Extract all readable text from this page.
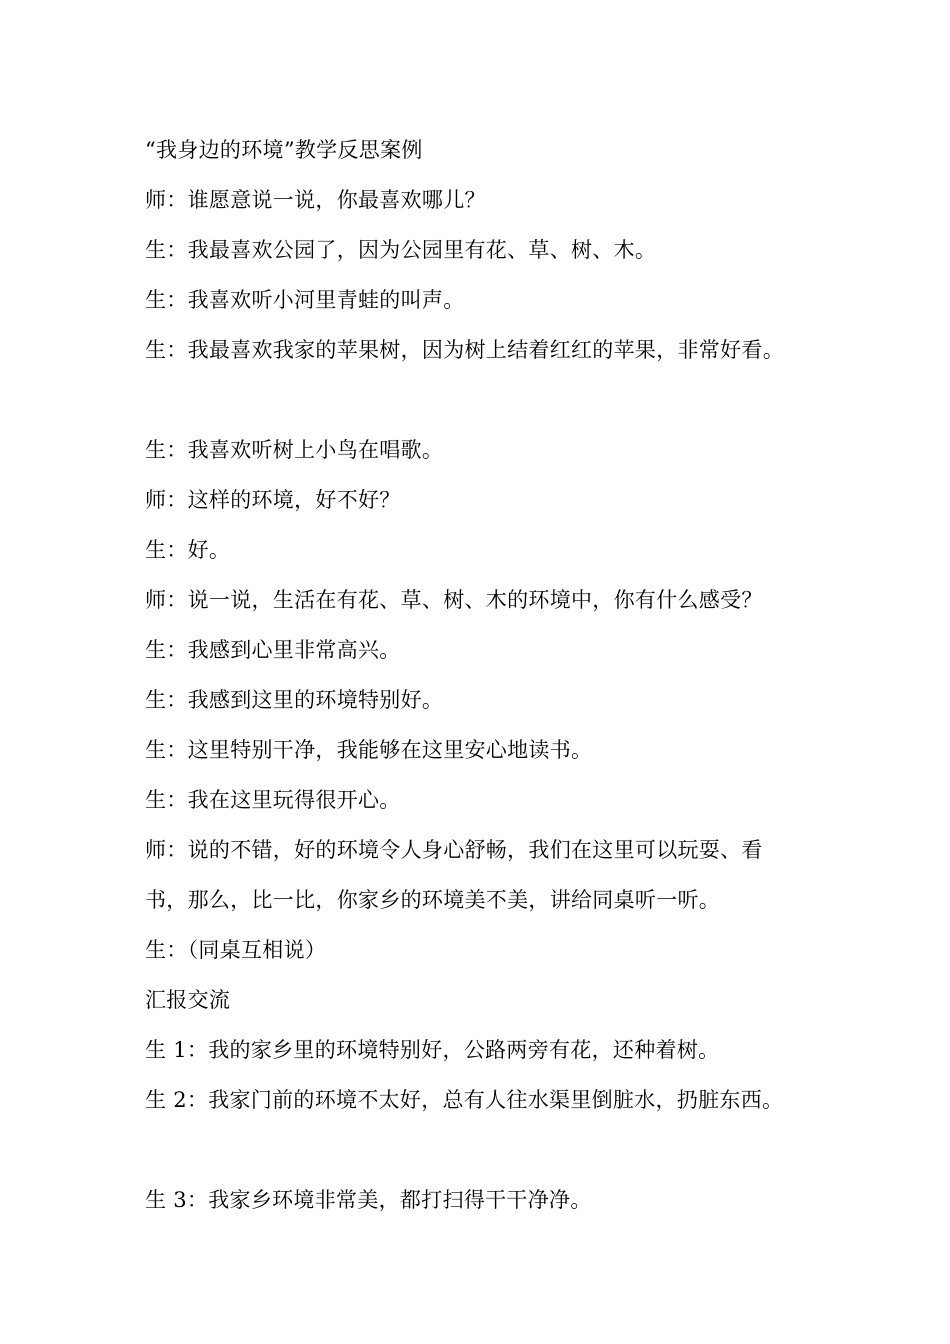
“我身边的环境”教学反思案例
师：谁愿意说一说，你最喜欢哪儿？
生：我最喜欢公园了，因为公园里有花、草、树、木。
生：我喜欢听小河里青蛙的叫声。
生：我最喜欢我家的苹果树，因为树上结着红红的苹果，非常好看。
生：我喜欢听树上小鸟在唱歌。
师：这样的环境，好不好？
生：好。
师：说一说，生活在有花、草、树、木的环境中，你有什么感受？
生：我感到心里非常高兴。
生：我感到这里的环境特别好。
生：这里特别干净，我能够在这里安心地读书。
生：我在这里玩得很开心。
师：说的不错，好的环境令人身心舒畅，我们在这里可以玩耍、看
书，那么，比一比，你家乡的环境美不美，讲给同桌听一听。
生：（同桌互相说）
汇报交流
生 1：我的家乡里的环境特别好，公路两旁有花，还种着树。
生 2：我家门前的环境不太好，总有人往水渠里倒脏水，扔脏东西。
生 3：我家乡环境非常美，都打扫得干干净净。
